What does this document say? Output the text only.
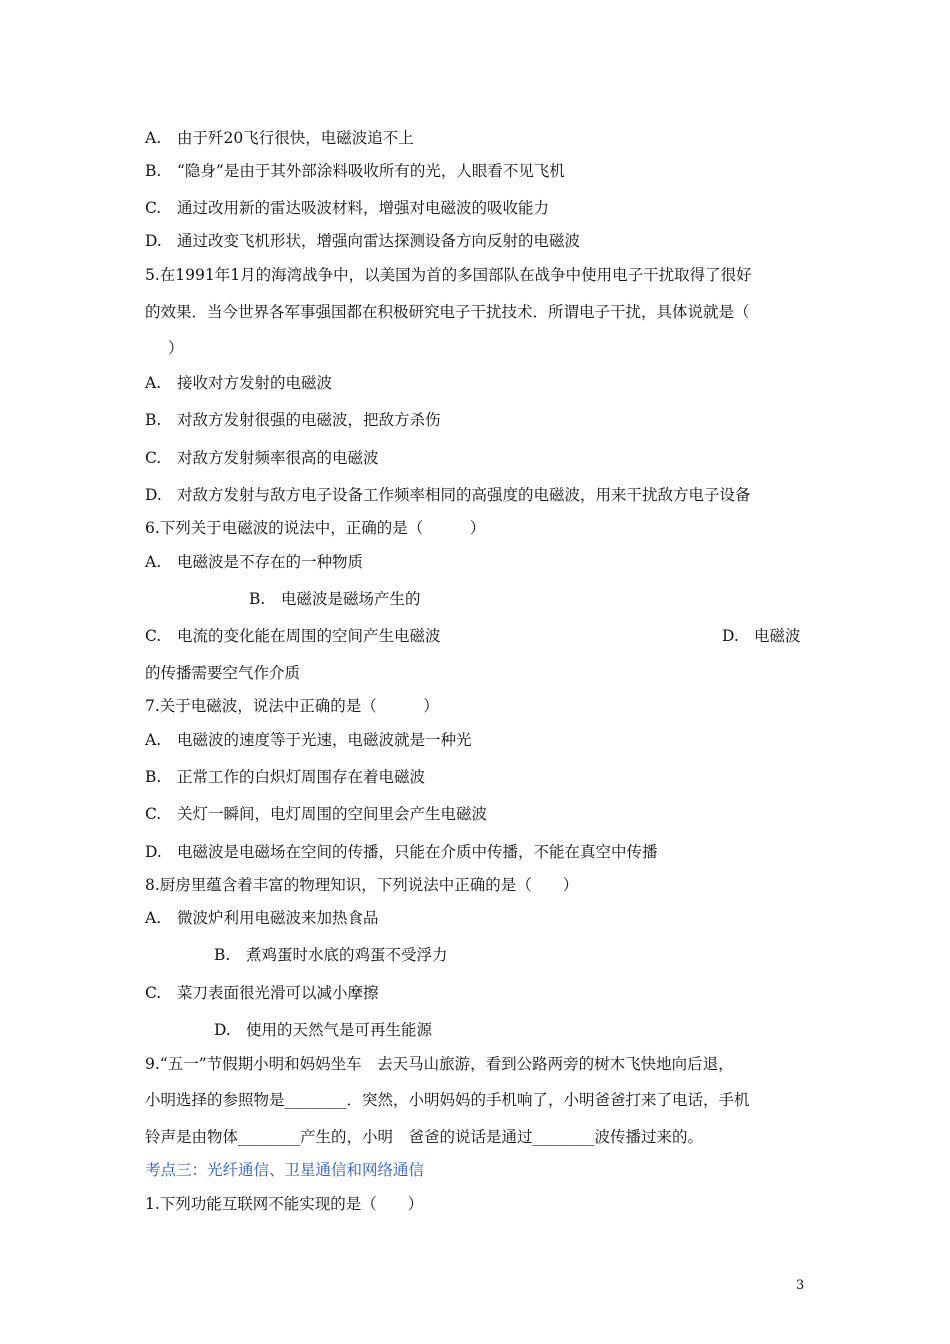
A. 由于歼20飞行很快，电磁波追不上
B. “隐身”是由于其外部涂料吸收所有的光，人眼看不见飞机
C. 通过改用新的雷达吸波材料，增强对电磁波的吸收能力
D. 通过改变飞机形状，增强向雷达探测设备方向反射的电磁波
5.在1991年1月的海湾战争中，以美国为首的多国部队在战争中使用电子干扰取得了很好
的效果．当今世界各军事强国都在积极研究电子干扰技术．所谓电子干扰，具体说就是（
）
A. 接收对方发射的电磁波
B. 对敌方发射很强的电磁波，把敌方杀伤
C. 对敌方发射频率很高的电磁波
D. 对敌方发射与敌方电子设备工作频率相同的高强度的电磁波，用来干扰敌方电子设备
6.下列关于电磁波的说法中，正确的是（　　　）
A. 电磁波是不存在的一种物质
B. 电磁波是磁场产生的
C. 电流的变化能在周围的空间产生电磁波	D. 电磁波
的传播需要空气作介质
7.关于电磁波，说法中正确的是（　　　）
A. 电磁波的速度等于光速，电磁波就是一种光
B. 正常工作的白炽灯周围存在着电磁波
C. 关灯一瞬间，电灯周围的空间里会产生电磁波
D. 电磁波是电磁场在空间的传播，只能在介质中传播，不能在真空中传播
8.厨房里蕴含着丰富的物理知识，下列说法中正确的是（　　）
A. 微波炉利用电磁波来加热食品
B. 煮鸡蛋时水底的鸡蛋不受浮力
C. 菜刀表面很光滑可以减小摩擦
D. 使用的天然气是可再生能源
9.“五一”节假期小明和妈妈坐车　去天马山旅游，看到公路两旁的树木飞快地向后退，
小明选择的参照物是________．突然，小明妈妈的手机响了，小明爸爸打来了电话，手机
铃声是由物体________产生的，小明　爸爸的说话是通过________波传播过来的。
考点三：光纤通信、卫星通信和网络通信
1.下列功能互联网不能实现的是（　　）
3
